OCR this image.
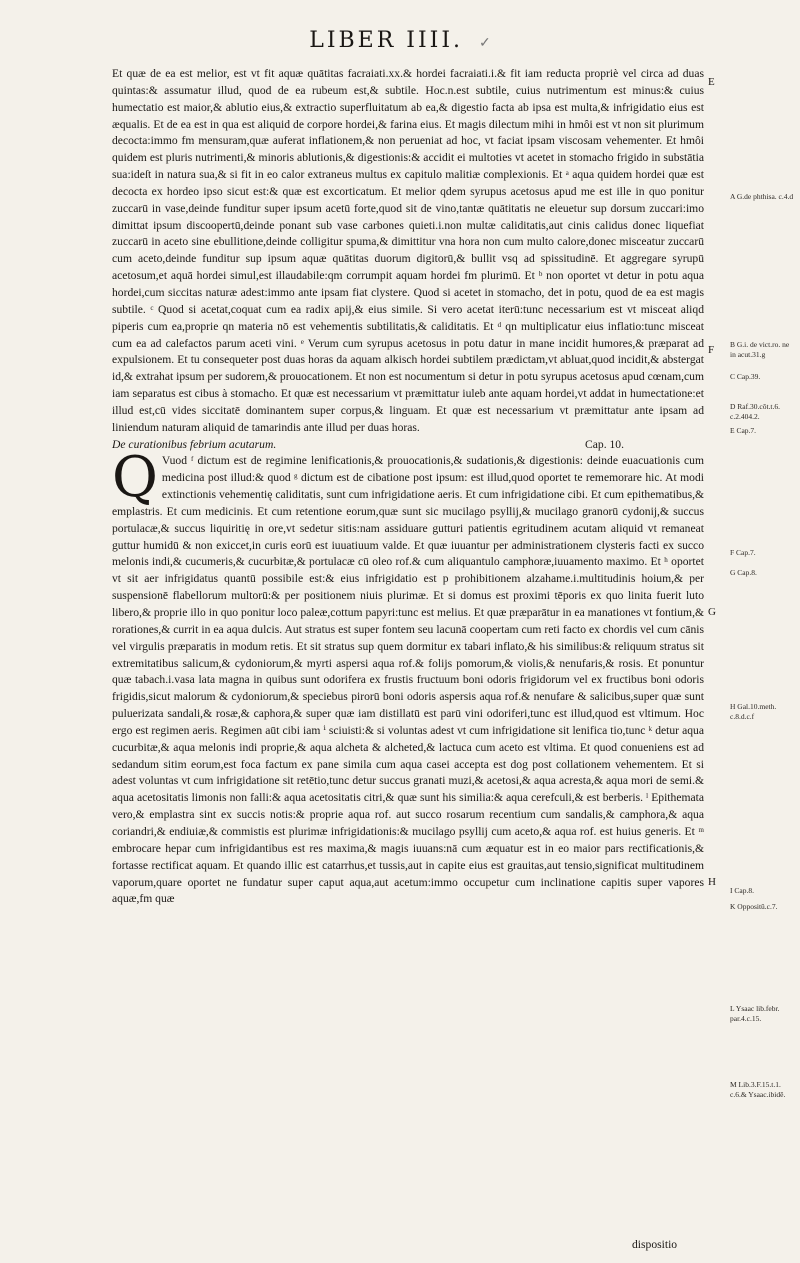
LIBER IIII. ✓

Et quæ de ea est melior, est vt fit aquæ quātitas facraiati.xx.& hordei facraiati.i.& fit iam reducta propriè vel circa ad duas quintas:& assumatur illud, quod de ea rubeum est,& subtile. Hoc.n.est subtile, cuius nutrimentum est minus:& cuius humectatio est maior,& ablutio eius,& extractio superfluitatum ab ea,& digestio facta ab ipsa est multa,& infrigidatio eius est æqualis. Et de ea est in qua est aliquid de corpore hordei,& farina eius. Et magis dilectum mihi in hmôi est vt non sit plurimum decocta:immo fm mensuram,quæ auferat inflationem,& non perueniat ad hoc, vt faciat ipsam viscosam vehementer. Et hmôi quidem est pluris nutrimenti,& minoris ablutionis,& digestionis:& accidit ei multoties vt acetet in stomacho frigido in substātia sua:ideſt in natura sua,& si fit in eo calor extraneus multus ex capitulo malitiæ complexionis. Et ᵃ aqua quidem hordei quæ est decocta ex hordeo ipso sicut est:& quæ est excorticatum. Et melior qdem syrupus acetosus apud me est ille in quo ponitur zuccarū in vase,deinde funditur super ipsum acetū forte,quod sit de vino,tantæ quātitatis ne eleuetur sup dorsum zuccari:imo dimittat ipsum discoopertū,deinde ponant sub vase carbones quieti.i.non multæ caliditatis,aut cinis calidus donec liquefiat zuccarū in aceto sine ebullitione,deinde colligitur spuma,& dimittitur vna hora non cum multo calore,donec misceatur zuccarū cum aceto,deinde funditur sup ipsum aquæ quātitas duorum digitorū,& bullit vsq ad spissitudinē. Et aggregare syrupū acetosum,et aquā hordei simul,est illaudabile:qm corrumpit aquam hordei fm plurimū. Et ᵇ non oportet vt detur in potu aqua hordei,cum siccitas naturæ adest:immo ante ipsam fiat clystere. Quod si acetet in stomacho, det in potu, quod de ea est magis subtile. ᶜ Quod si acetat,coquat cum ea radix apij,& eius simile. Si vero acetat iterū:tunc necessarium est vt misceat aliqd piperis cum ea,proprie qn materia nō est vehementis subtilitatis,& caliditatis. Et ᵈ qn multiplicatur eius inflatio:tunc misceat cum ea ad calefactos parum aceti vini. ᵉ Verum cum syrupus acetosus in potu datur in mane incidit humores,& præparat ad expulsionem. Et tu consequeter post duas horas da aquam alkisch hordei subtilem prædictam,vt abluat,quod incidit,& abstergat id,& extrahat ipsum per sudorem,& prouocationem. Et non est nocumentum si detur in potu syrupus acetosus apud cœnam,cum iam separatus est cibus à stomacho. Et quæ est necessarium vt præmittatur iuleb ante aquam hordei,vt addat in humectatione:et illud est,cū vides siccitatē dominantem super corpus,& linguam. Et quæ est necessarium vt præmittatur ante ipsam ad liniendum naturam aliquid de tamarindis ante illud per duas horas.

De curationibus febrium acutarum.	Cap. 10.

Q Vuod ᶠ dictum est de regimine lenificationis,& prouocationis,& sudationis,& digestionis: deinde euacuationis cum medicina post illud:& quod ᵍ dictum est de cibatione post ipsum: est illud,quod oportet te rememorare hic. At modi extinctionis vehementię caliditatis, sunt cum infrigidatione aeris. Et cum infrigidatione cibi. Et cum epithematibus,& emplastris. Et cum medicinis. Et cum retentione eorum,quæ sunt sic mucilago psyllij,& mucilago granorū cydonij,& succus portulacæ,& succus liquiritię in ore,vt sedetur sitis:nam assiduare gutturi patientis egritudinem acutam aliquid vt remaneat guttur humidū & non exiccet,in curis eorū est iuuatiuum valde. Et quæ iuuantur per administrationem clysteris facti ex succo melonis indi,& cucumeris,& cucurbitæ,& portulacæ cū oleo rof.& cum aliquantulo camphoræ,iuuamento maximo. Et ʰ oportet vt sit aer infrigidatus quantū possibile est:& eius infrigidatio est p prohibitionem alzahame.i.multitudinis hoium,& per suspensionē flabellorum multorū:& per positionem niuis plurimæ. Et si domus est proximi tēporis ex quo linita fuerit luto libero,& proprie illo in quo ponitur loco paleæ,cottum papyri:tunc est melius. Et quæ præparātur in ea manationes vt fontium,& rorationes,& currit in ea aqua dulcis. Aut stratus est super fontem seu lacunā coopertam cum reti facto ex chordis vel cum cānis vel virgulis præparatis in modum retis. Et sit stratus sup quem dormitur ex tabari inflato,& his similibus:& reliquum stratus sit extremitatibus salicum,& cydoniorum,& myrti aspersi aqua rof.& folijs pomorum,& violis,& nenufaris,& rosis. Et ponuntur quæ tabach.i.vasa lata magna in quibus sunt odorifera ex frustis fructuum boni odoris frigidorum vel ex fructibus boni odoris frigidis,sicut malorum & cydoniorum,& speciebus pirorū boni odoris aspersis aqua rof.& nenufare & salicibus,super quæ sunt puluerizata sandali,& rosæ,& caphora,& super quæ iam distillatū est parū vini odoriferi,tunc est illud,quod est vltimum. Hoc ergo est regimen aeris. Regimen aūt cibi iam ⁱ sciuisti:& si voluntas adest vt cum infrigidatione sit lenifica tio,tunc ᵏ detur aqua cucurbitæ,& aqua melonis indi proprie,& aqua alcheta & alcheted,& lactuca cum aceto est vltima. Et quod conueniens est ad sedandum sitim eorum,est foca factum ex pane simila cum aqua casei accepta est dog post collationem vehementem. Et si adest voluntas vt cum infrigidatione sit retētio,tunc detur succus granati muzi,& acetosi,& aqua acresta,& aqua mori de semi.& aqua acetositatis limonis non falli:& aqua acetositatis citri,& quæ sunt his similia:& aqua cerefculi,& est berberis. ˡ Epithemata vero,& emplastra sint ex succis notis:& proprie aqua rof. aut succo rosarum recentium cum sandalis,& camphora,& aqua coriandri,& endiuiæ,& commistis est plurimæ infrigidationis:& mucilago psyllij cum aceto,& aqua rof. est huius generis. Et ᵐ embrocare hepar cum infrigidantibus est res maxima,& magis iuuans:nā cum æquatur est in eo maior pars rectificationis,& fortasse rectificat aquam. Et quando illic est catarrhus,et tussis,aut in capite eius est grauitas,aut tensio,significat multitudinem vaporum,quare oportet ne fundatur super caput aqua,aut acetum:immo occupetur cum inclinatione capitis super vapores aquæ,fm quæ

E
F
G
H
A G.de phthisa. c.4.d
B G.i. de vict.ro. ne in acut.31.g
C Cap.39.
D Raf.30.cōt.t.6. c.2.404.2.
E Cap.7.
F Cap.7.
G Cap.8.
H Gal.10.meth. c.8.d.c.f
I Cap.8.
K Oppositū.c.7.
L Ysaac lib.febr. par.4.c.15.
M Lib.3.F.15.t.1. c.6.& Ysaac.ibidē.
dispositio
